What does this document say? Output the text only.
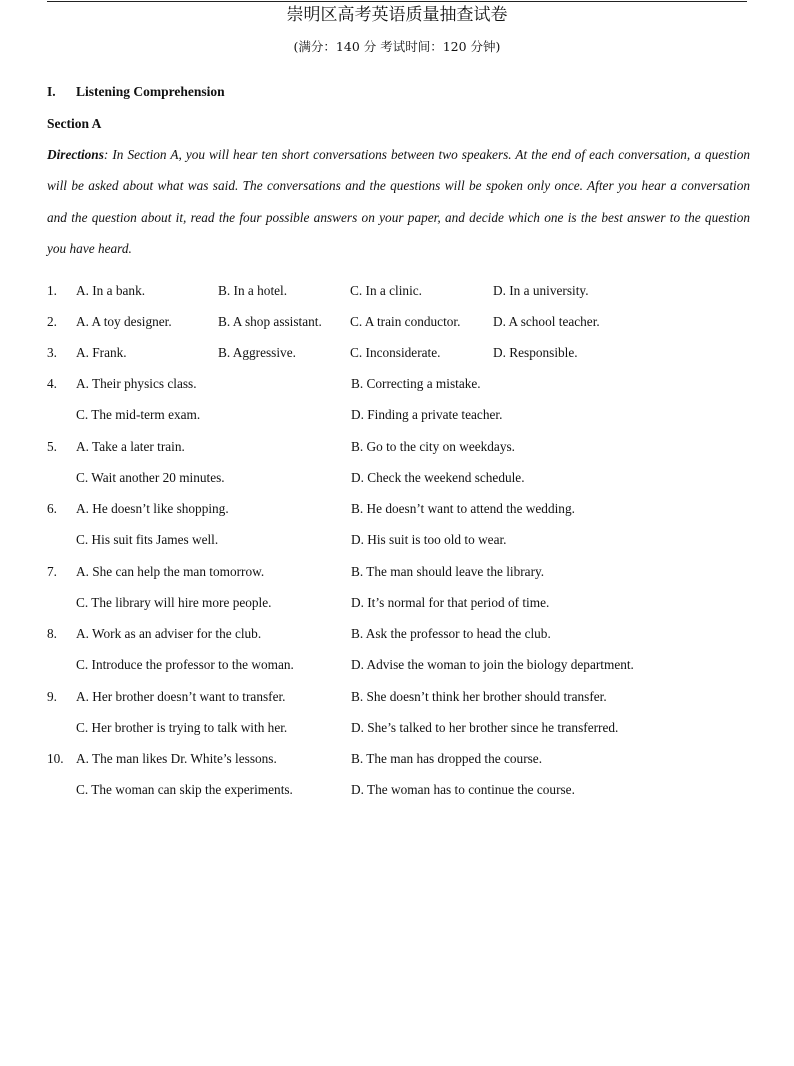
崇明区高考英语质量抽查试卷
(满分：140 分 考试时间：120 分钟)
I. Listening Comprehension
Section A
Directions: In Section A, you will hear ten short conversations between two speakers. At the end of each conversation, a question will be asked about what was said. The conversations and the questions will be spoken only once. After you hear a conversation and the question about it, read the four possible answers on your paper, and decide which one is the best answer to the question you have heard.
1. A. In a bank.	B. In a hotel.	C. In a clinic.	D. In a university.
2. A. A toy designer.	B. A shop assistant. C. A train conductor. D. A school teacher.
3. A. Frank.	B. Aggressive.	C. Inconsiderate.	D. Responsible.
4. A. Their physics class.	B. Correcting a mistake.
C. The mid-term exam.	D. Finding a private teacher.
5. A. Take a later train.	B. Go to the city on weekdays.
C. Wait another 20 minutes.	D. Check the weekend schedule.
6. A. He doesn’t like shopping.	B. He doesn’t want to attend the wedding.
C. His suit fits James well.	D. His suit is too old to wear.
7. A. She can help the man tomorrow.	B. The man should leave the library.
C. The library will hire more people.	D. It’s normal for that period of time.
8. A. Work as an adviser for the club.	B. Ask the professor to head the club.
C. Introduce the professor to the woman.	D. Advise the woman to join the biology department.
9. A. Her brother doesn’t want to transfer.	B. She doesn’t think her brother should transfer.
C. Her brother is trying to talk with her.	D. She’s talked to her brother since he transferred.
10. A. The man likes Dr. White’s lessons.	B. The man has dropped the course.
C. The woman can skip the experiments.	D. The woman has to continue the course.
